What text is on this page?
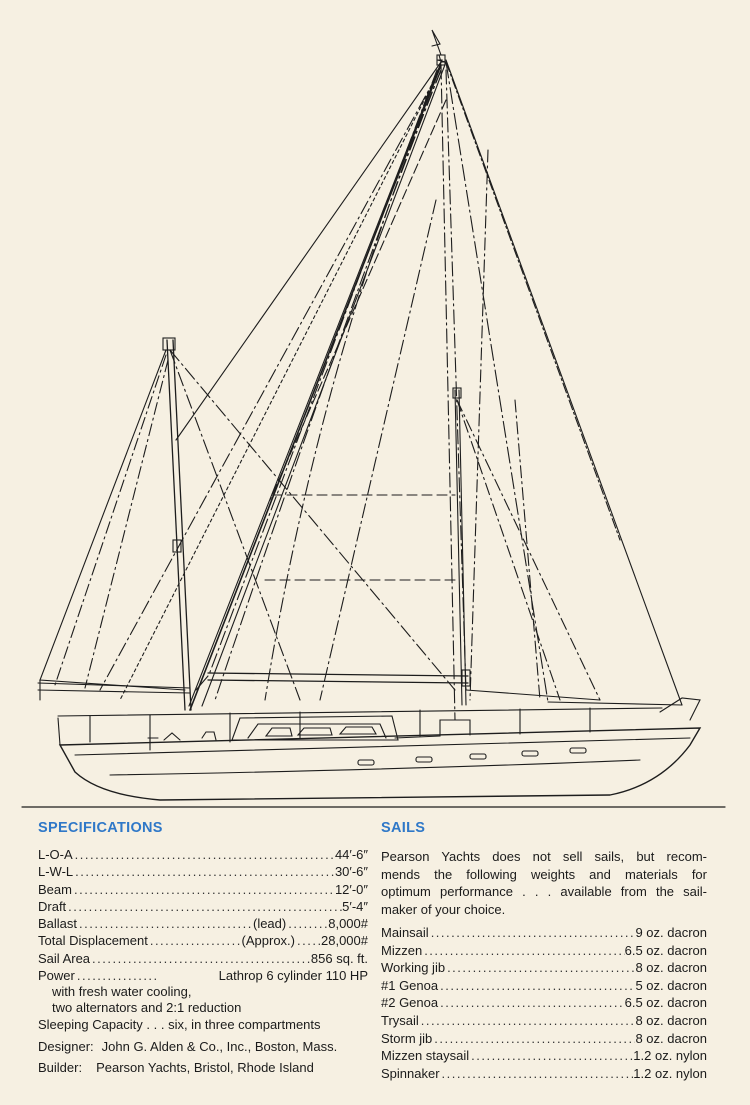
SPECIFICATIONS
L-O-A .....	44′-6″
L-W-L .....	30′-6″
Beam .....	12′-0″
Draft .....	5′-4″
Ballast .....	(lead) .....	8,000#
Total Displacement .....	(Approx.) ..... 28,000#
Sail Area .....	856 sq. ft.
Power .....	Lathrop 6 cylinder 110 HP
with fresh water cooling,
two alternators and 2:1 reduction
Sleeping Capacity . . . six, in three compartments
Designer: John G. Alden & Co., Inc., Boston, Mass.
Builder: Pearson Yachts, Bristol, Rhode Island
SAILS
Pearson Yachts does not sell sails, but recom-
mends the following weights and materials for
optimum performance . . . available from the sail-
maker of your choice.
Mainsail .....	9 oz. dacron
Mizzen .....	6.5 oz. dacron
Working jib .....	8 oz. dacron
#1 Genoa .....	5 oz. dacron
#2 Genoa .....	6.5 oz. dacron
Trysail .....	8 oz. dacron
Storm jib .....	8 oz. dacron
Mizzen staysail .....	1.2 oz. nylon
Spinnaker .....	1.2 oz. nylon
